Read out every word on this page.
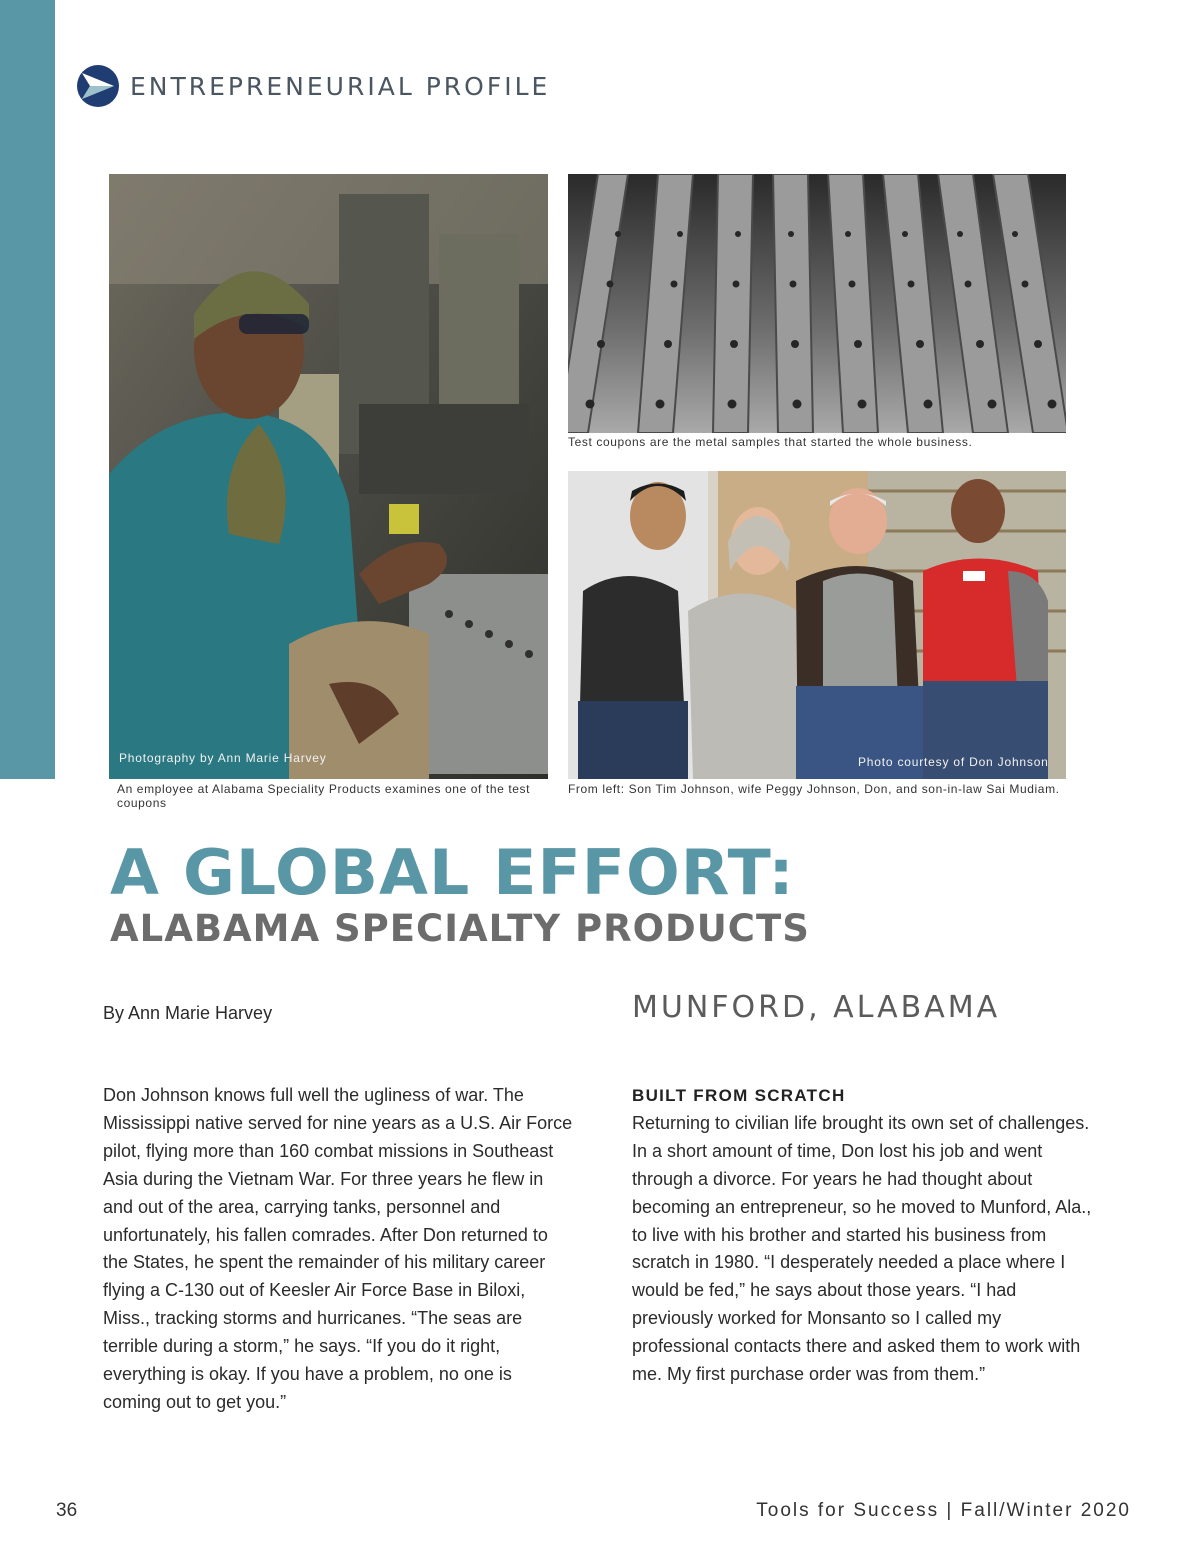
ENTREPRENEURIAL PROFILE
Photography by Ann Marie Harvey
An employee at Alabama Speciality Products examines one of the test coupons
Test coupons are the metal samples that started the whole business.
Photo courtesy of Don Johnson
From left: Son Tim Johnson, wife Peggy Johnson, Don, and son-in-law Sai Mudiam.
A GLOBAL EFFORT:
ALABAMA SPECIALTY PRODUCTS
By Ann Marie Harvey	MUNFORD, ALABAMA

Don Johnson knows full well the ugliness of war. The Mississippi native served for nine years as a U.S. Air Force pilot, flying more than 160 combat missions in Southeast Asia during the Vietnam War. For three years he flew in and out of the area, carrying tanks, personnel and unfortunately, his fallen comrades. After Don returned to the States, he spent the remainder of his military career flying a C-130 out of Keesler Air Force Base in Biloxi, Miss., tracking storms and hurricanes. “The seas are terrible during a storm,” he says. “If you do it right, everything is okay. If you have a problem, no one is coming out to get you.”

BUILT FROM SCRATCH

Returning to civilian life brought its own set of challenges. In a short amount of time, Don lost his job and went through a divorce. For years he had thought about becoming an entrepreneur, so he moved to Munford, Ala., to live with his brother and started his business from scratch in 1980. “I desperately needed a place where I would be fed,” he says about those years. “I had previously worked for Monsanto so I called my professional contacts there and asked them to work with me. My first purchase order was from them.”

36	Tools for Success | Fall/Winter 2020
